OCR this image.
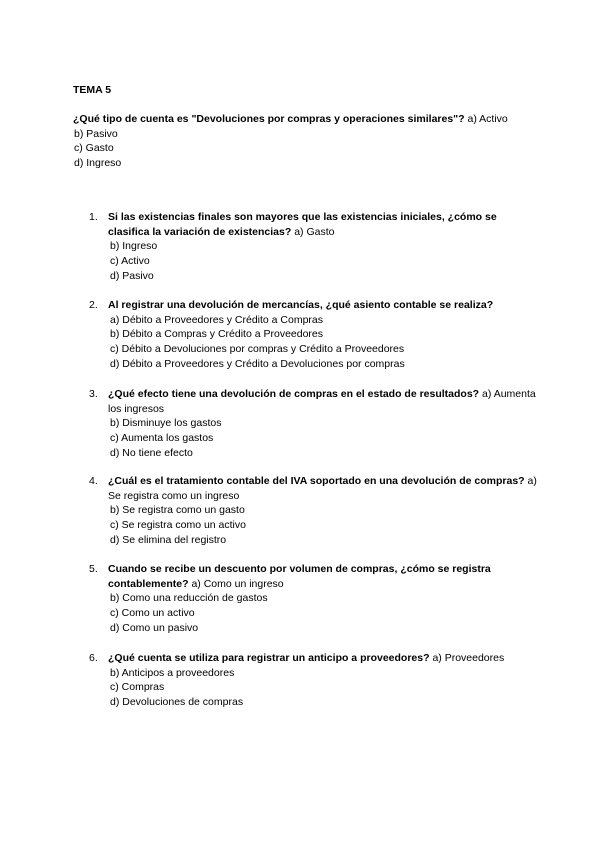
TEMA 5
¿Qué tipo de cuenta es "Devoluciones por compras y operaciones similares"? a) Activo
b) Pasivo
c) Gasto
d) Ingreso
1. Si las existencias finales son mayores que las existencias iniciales, ¿cómo se clasifica la variación de existencias? a) Gasto
b) Ingreso
c) Activo
d) Pasivo
2. Al registrar una devolución de mercancías, ¿qué asiento contable se realiza?
a) Débito a Proveedores y Crédito a Compras
b) Débito a Compras y Crédito a Proveedores
c) Débito a Devoluciones por compras y Crédito a Proveedores
d) Débito a Proveedores y Crédito a Devoluciones por compras
3. ¿Qué efecto tiene una devolución de compras en el estado de resultados? a) Aumenta los ingresos
b) Disminuye los gastos
c) Aumenta los gastos
d) No tiene efecto
4. ¿Cuál es el tratamiento contable del IVA soportado en una devolución de compras? a) Se registra como un ingreso
b) Se registra como un gasto
c) Se registra como un activo
d) Se elimina del registro
5. Cuando se recibe un descuento por volumen de compras, ¿cómo se registra contablemente? a) Como un ingreso
b) Como una reducción de gastos
c) Como un activo
d) Como un pasivo
6. ¿Qué cuenta se utiliza para registrar un anticipo a proveedores? a) Proveedores
b) Anticipos a proveedores
c) Compras
d) Devoluciones de compras
